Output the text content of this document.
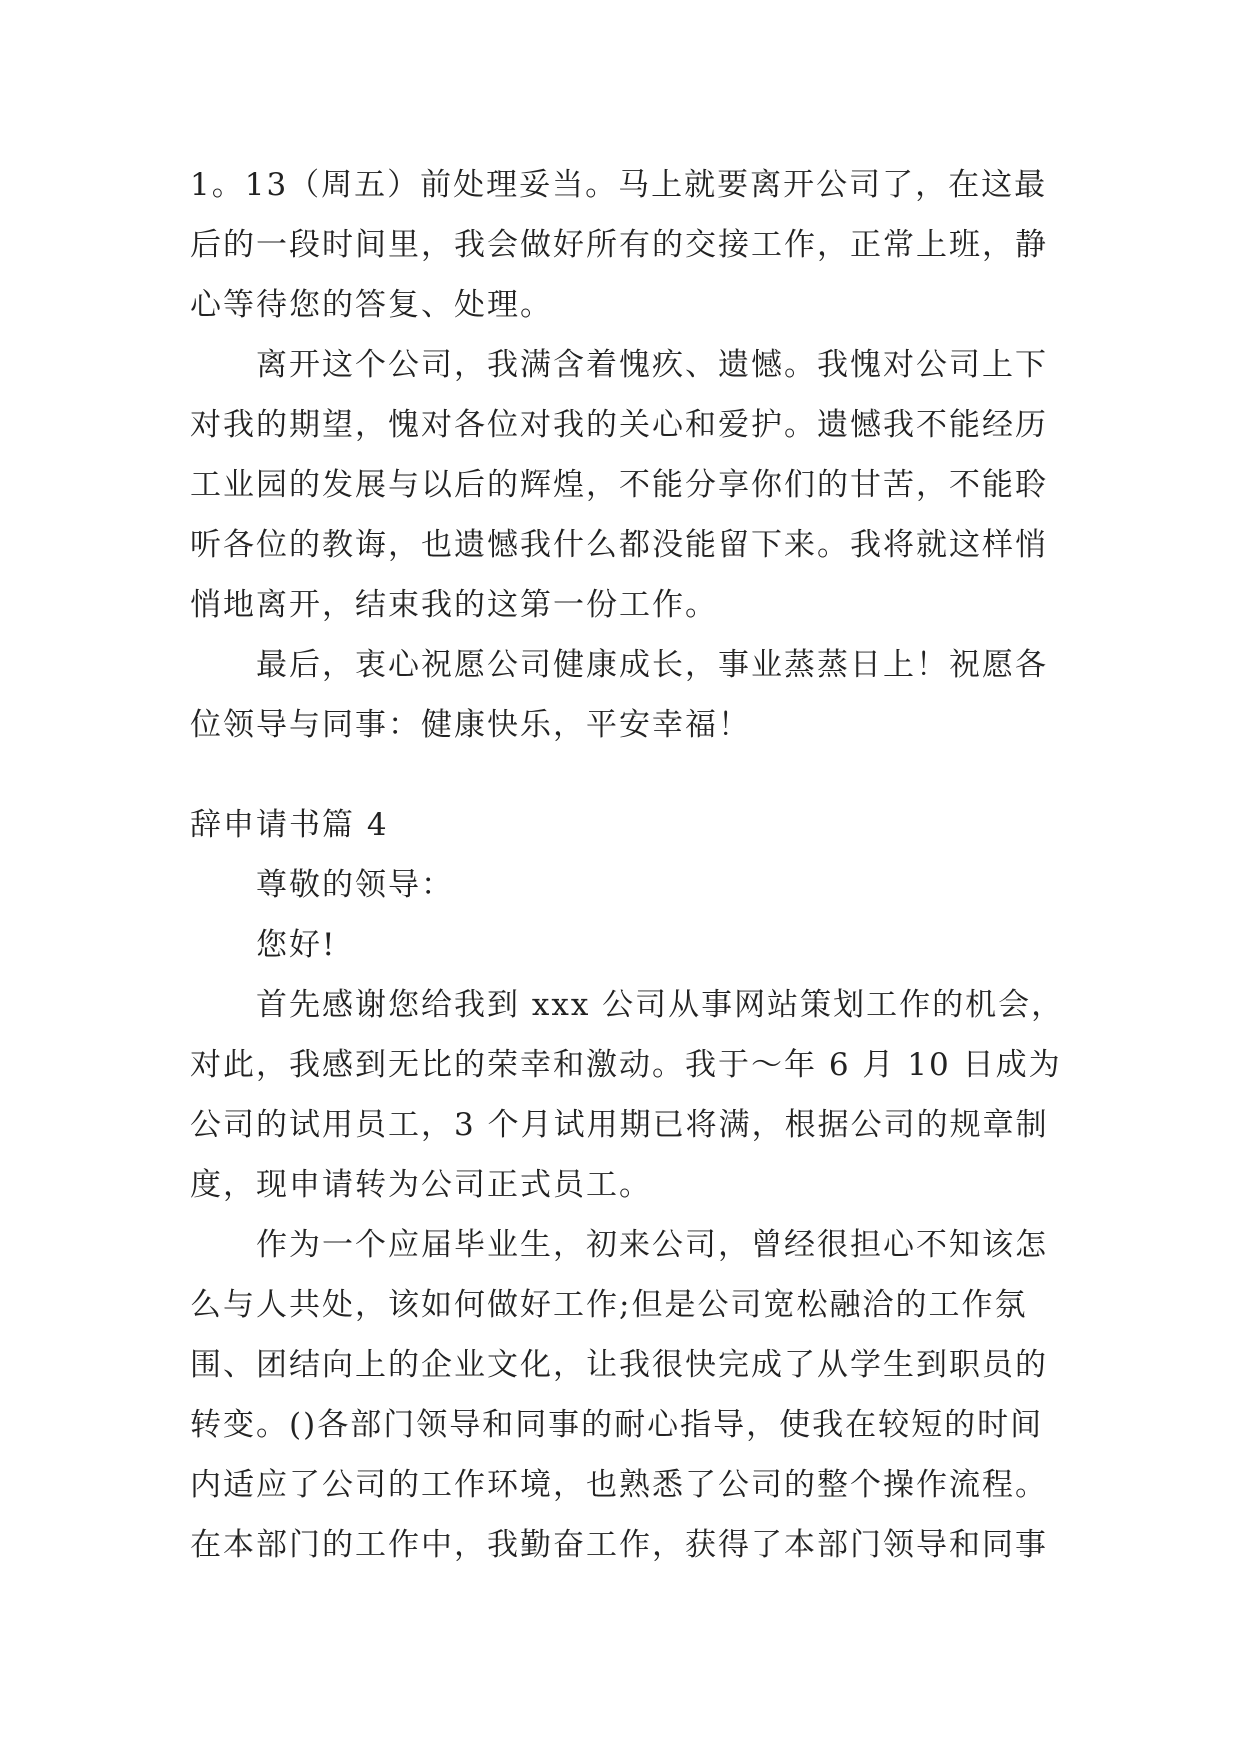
1。13（周五）前处理妥当。马上就要离开公司了，在这最
后的一段时间里，我会做好所有的交接工作，正常上班，静
心等待您的答复、处理。
离开这个公司，我满含着愧疚、遗憾。我愧对公司上下
对我的期望，愧对各位对我的关心和爱护。遗憾我不能经历
工业园的发展与以后的辉煌，不能分享你们的甘苦，不能聆
听各位的教诲，也遗憾我什么都没能留下来。我将就这样悄
悄地离开，结束我的这第一份工作。
最后，衷心祝愿公司健康成长，事业蒸蒸日上！祝愿各
位领导与同事：健康快乐，平安幸福！
辞申请书篇 4
尊敬的领导：
您好!
首先感谢您给我到 xxx 公司从事网站策划工作的机会，
对此，我感到无比的荣幸和激动。我于～年 6 月 10 日成为
公司的试用员工，3 个月试用期已将满，根据公司的规章制
度，现申请转为公司正式员工。
作为一个应届毕业生，初来公司，曾经很担心不知该怎
么与人共处，该如何做好工作;但是公司宽松融洽的工作氛
围、团结向上的企业文化，让我很快完成了从学生到职员的
转变。()各部门领导和同事的耐心指导，使我在较短的时间
内适应了公司的工作环境，也熟悉了公司的整个操作流程。
在本部门的工作中，我勤奋工作，获得了本部门领导和同事
